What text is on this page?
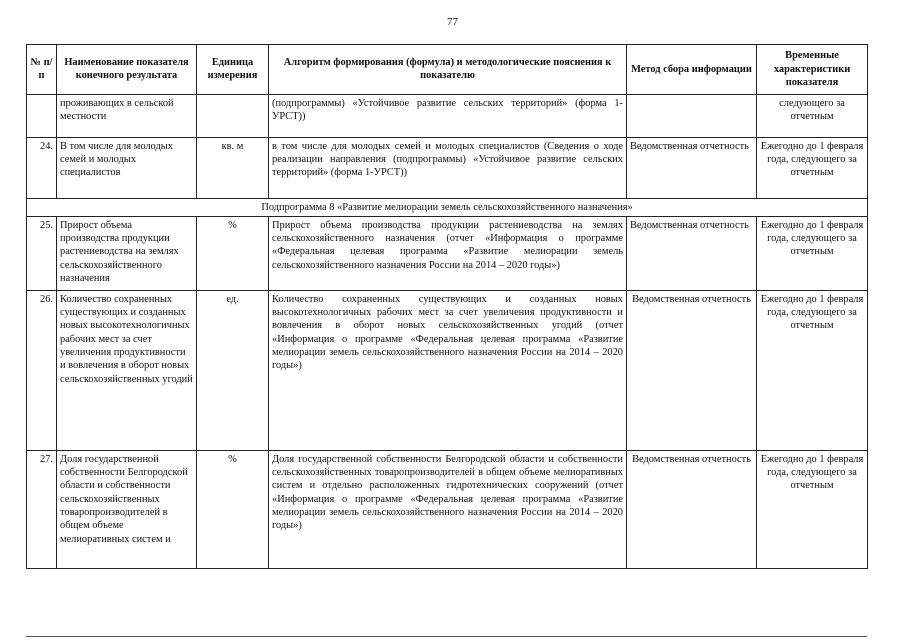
77
№ п/п	Наименование показателя конечного результата	Единица измерения	Алгоритм формирования (формула) и методологические пояснения к показателю	Метод сбора информации	Временные характеристики показателя
	проживающих в сельской местности		(подпрограммы) «Устойчивое развитие сельских территорий» (форма 1-УРСТ))		следующего за отчетным
24.	В том числе для молодых семей и молодых специалистов	кв. м	в том числе для молодых семей и молодых специалистов (Сведения о ходе реализации направления (подпрограммы) «Устойчивое развитие сельских территорий» (форма 1-УРСТ))	Ведомственная отчетность	Ежегодно до 1 февраля года, следующего за отчетным
Подпрограмма 8 «Развитие мелиорации земель сельскохозяйственного назначения»					
25.	Прирост объема производства продукции растениеводства на землях сельскохозяйственного назначения	%	Прирост объема производства продукции растениеводства на землях сельскохозяйственного назначения (отчет «Информация о программе «Федеральная целевая программа «Развитие мелиорации земель сельскохозяйственного назначения России на 2014 – 2020 годы»)	Ведомственная отчетность	Ежегодно до 1 февраля года, следующего за отчетным
26.	Количество сохраненных существующих и созданных новых высокотехнологичных рабочих мест за счет увеличения продуктивности и вовлечения в оборот новых сельскохозяйственных угодий	ед.	Количество сохраненных существующих и созданных новых высокотехнологичных рабочих мест за счет увеличения продуктивности и вовлечения в оборот новых сельскохозяйственных угодий (отчет «Информация о программе «Федеральная целевая программа «Развитие мелиорации земель сельскохозяйственного назначения России на 2014 – 2020 годы»)	Ведомственная отчетность	Ежегодно до 1 февраля года, следующего за отчетным
27.	Доля государственной собственности Белгородской области и собственности сельскохозяйственных товаропроизводителей в общем объеме мелиоративных систем и	%	Доля государственной собственности Белгородской области и собственности сельскохозяйственных товаропроизводителей в общем объеме мелиоративных систем и отдельно расположенных гидротехнических сооружений (отчет «Информация о программе «Федеральная целевая программа «Развитие мелиорации земель сельскохозяйственного назначения России на 2014 – 2020 годы»)	Ведомственная отчетность	Ежегодно до 1 февраля года, следующего за отчетным
